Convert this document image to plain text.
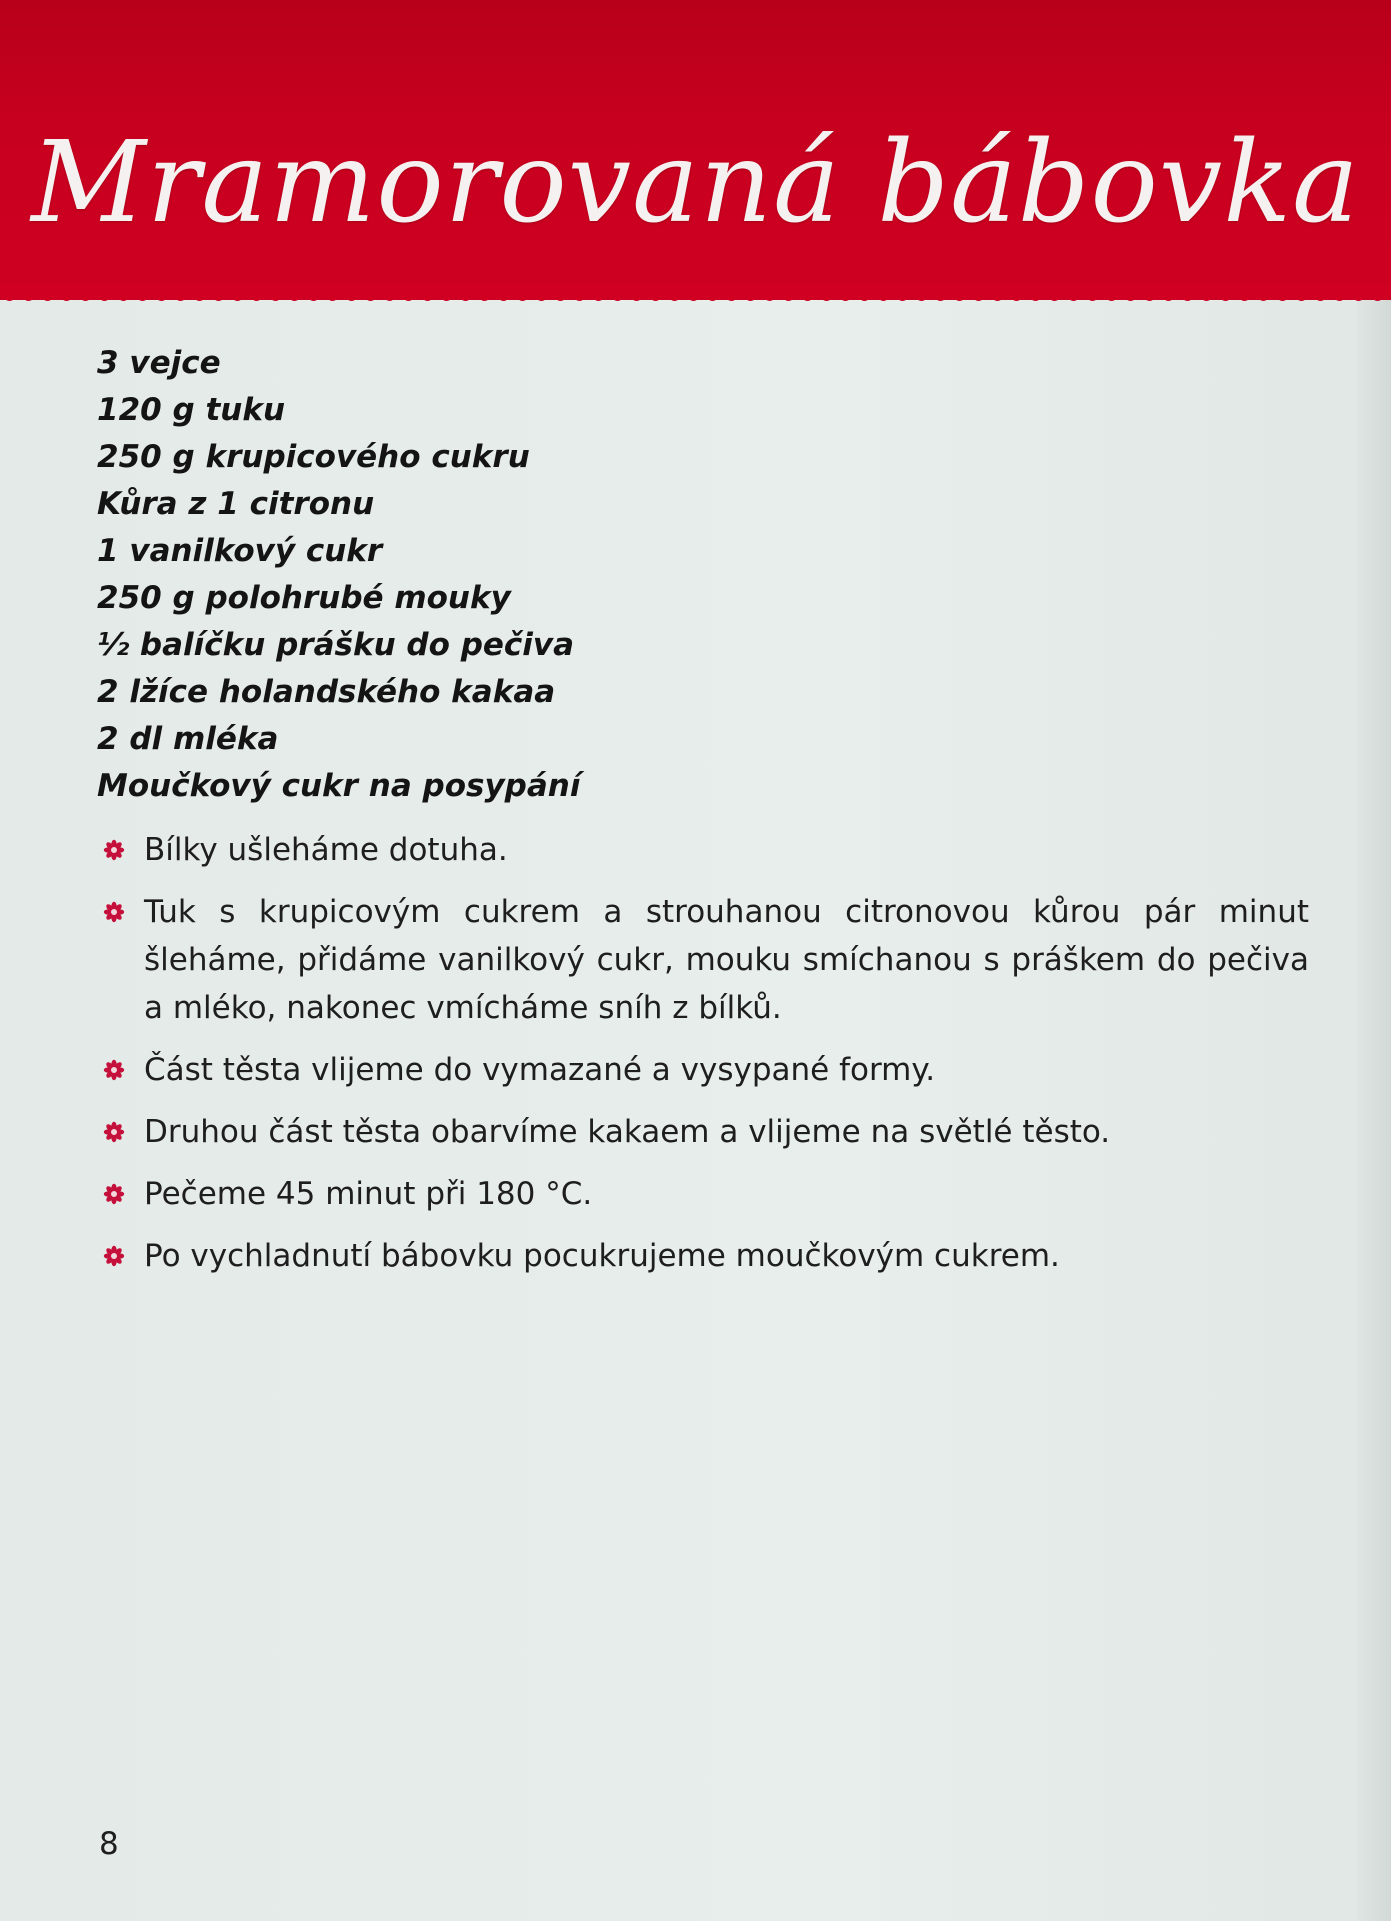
Mramorovaná bábovka
3 vejce
120 g tuku
250 g krupicového cukru
Kůra z 1 citronu
1 vanilkový cukr
250 g polohrubé mouky
½ balíčku prášku do pečiva
2 lžíce holandského kakaa
2 dl mléka
Moučkový cukr na posypání
Bílky ušleháme dotuha.
Tuk s krupicovým cukrem a strouhanou citronovou kůrou pár minut šleháme, přidáme vanilkový cukr, mouku smíchanou s práškem do pečiva a mléko, nakonec vmícháme sníh z bílků.
Část těsta vlijeme do vymazané a vysypané formy.
Druhou část těsta obarvíme kakaem a vlijeme na světlé těsto.
Pečeme 45 minut při 180 °C.
Po vychladnutí bábovku pocukrujeme moučkovým cukrem.
8
